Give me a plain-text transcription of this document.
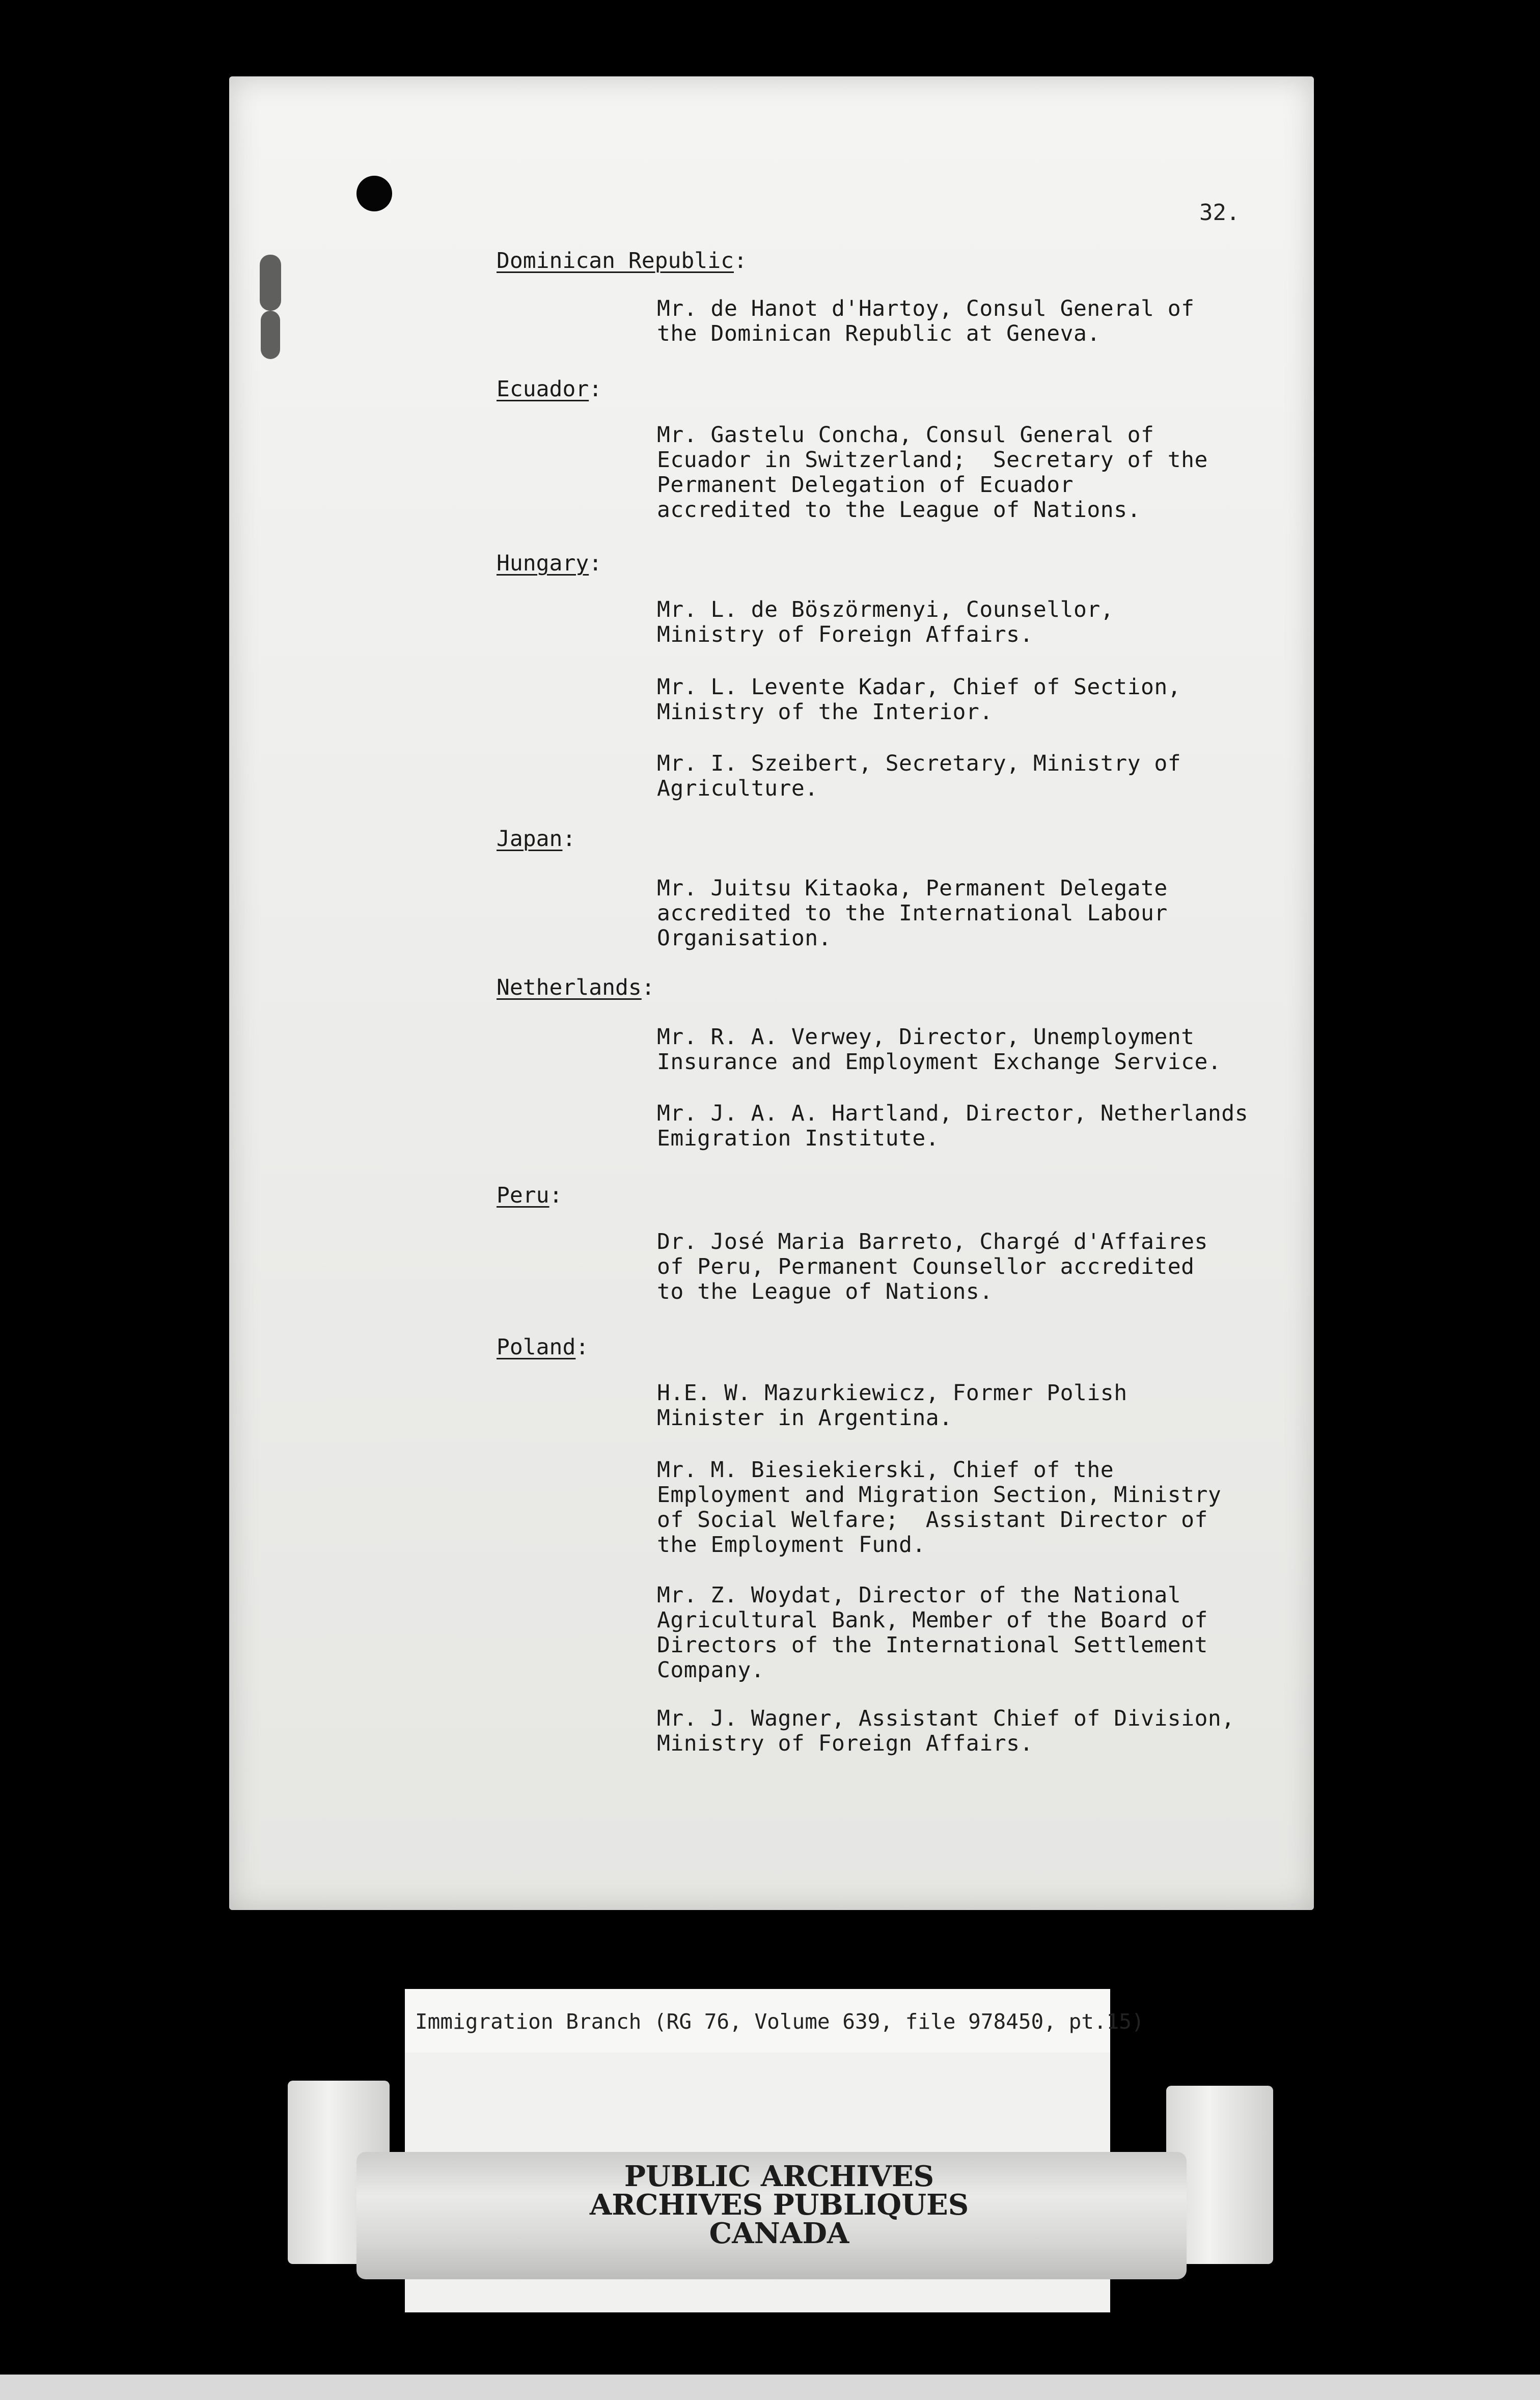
32.
Dominican Republic:
Mr. de Hanot d'Hartoy, Consul General of
the Dominican Republic at Geneva.
Ecuador:
Mr. Gastelu Concha, Consul General of
Ecuador in Switzerland;  Secretary of the
Permanent Delegation of Ecuador
accredited to the League of Nations.
Hungary:
Mr. L. de Böszörmenyi, Counsellor,
Ministry of Foreign Affairs.
Mr. L. Levente Kadar, Chief of Section,
Ministry of the Interior.
Mr. I. Szeibert, Secretary, Ministry of
Agriculture.
Japan:
Mr. Juitsu Kitaoka, Permanent Delegate
accredited to the International Labour
Organisation.
Netherlands:
Mr. R. A. Verwey, Director, Unemployment
Insurance and Employment Exchange Service.
Mr. J. A. A. Hartland, Director, Netherlands
Emigration Institute.
Peru:
Dr. José Maria Barreto, Chargé d'Affaires
of Peru, Permanent Counsellor accredited
to the League of Nations.
Poland:
H.E. W. Mazurkiewicz, Former Polish
Minister in Argentina.
Mr. M. Biesiekierski, Chief of the
Employment and Migration Section, Ministry
of Social Welfare;  Assistant Director of
the Employment Fund.
Mr. Z. Woydat, Director of the National
Agricultural Bank, Member of the Board of
Directors of the International Settlement
Company.
Mr. J. Wagner, Assistant Chief of Division,
Ministry of Foreign Affairs.
Immigration Branch (RG 76, Volume 639, file 978450, pt.15)
PUBLIC ARCHIVES
ARCHIVES PUBLIQUES
CANADA
